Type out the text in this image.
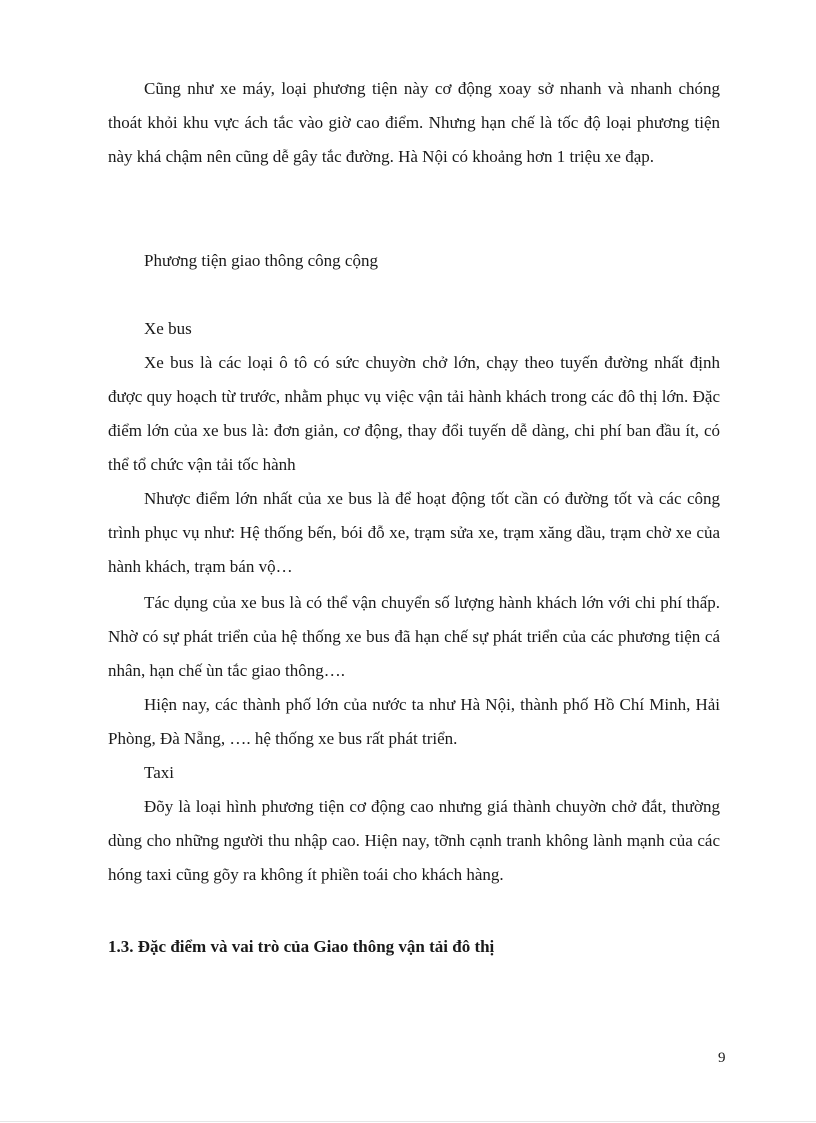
Cũng như xe máy, loại phương tiện này cơ động xoay sở nhanh và nhanh chóng thoát khỏi khu vực ách tắc vào giờ cao điểm. Nhưng hạn chế là tốc độ loại phương tiện này khá chậm nên cũng dễ gây tắc đường. Hà Nội có khoảng hơn 1 triệu xe đạp.

Phương tiện giao thông công cộng

Xe bus

Xe bus là các loại ô tô có sức chuyờn chở lớn, chạy theo tuyến đường nhất định được quy hoạch từ trước, nhằm phục vụ việc vận tải hành khách trong các đô thị lớn. Đặc điểm lớn của xe bus là: đơn giản, cơ động, thay đổi tuyến dễ dàng, chi phí ban đầu ít, có thể tổ chức vận tải tốc hành

Nhược điểm lớn nhất của xe bus là để hoạt động tốt cần có đường tốt và các công trình phục vụ như: Hệ thống bến, bói đỗ xe, trạm sửa xe, trạm xăng dầu, trạm chờ xe của hành khách, trạm bán vộ…

Tác dụng của xe bus là có thể vận chuyển số lượng hành khách lớn với chi phí thấp. Nhờ có sự phát triển của hệ thống xe bus đã hạn chế sự phát triển của các phương tiện cá nhân, hạn chế ùn tắc giao thông….

Hiện nay, các thành phố lớn của nước ta như Hà Nội, thành phố Hồ Chí Minh, Hải Phòng, Đà Nẵng, …. hệ thống xe bus rất phát triển.

Taxi

Đõy là loại hình phương tiện cơ động cao nhưng giá thành chuyờn chở đắt, thường dùng cho những người thu nhập cao. Hiện nay, tỡnh cạnh tranh không lành mạnh của các hóng taxi cũng gõy ra không ít phiền toái cho khách hàng.

1.3. Đặc điểm và vai trò của Giao thông vận tải đô thị

9
